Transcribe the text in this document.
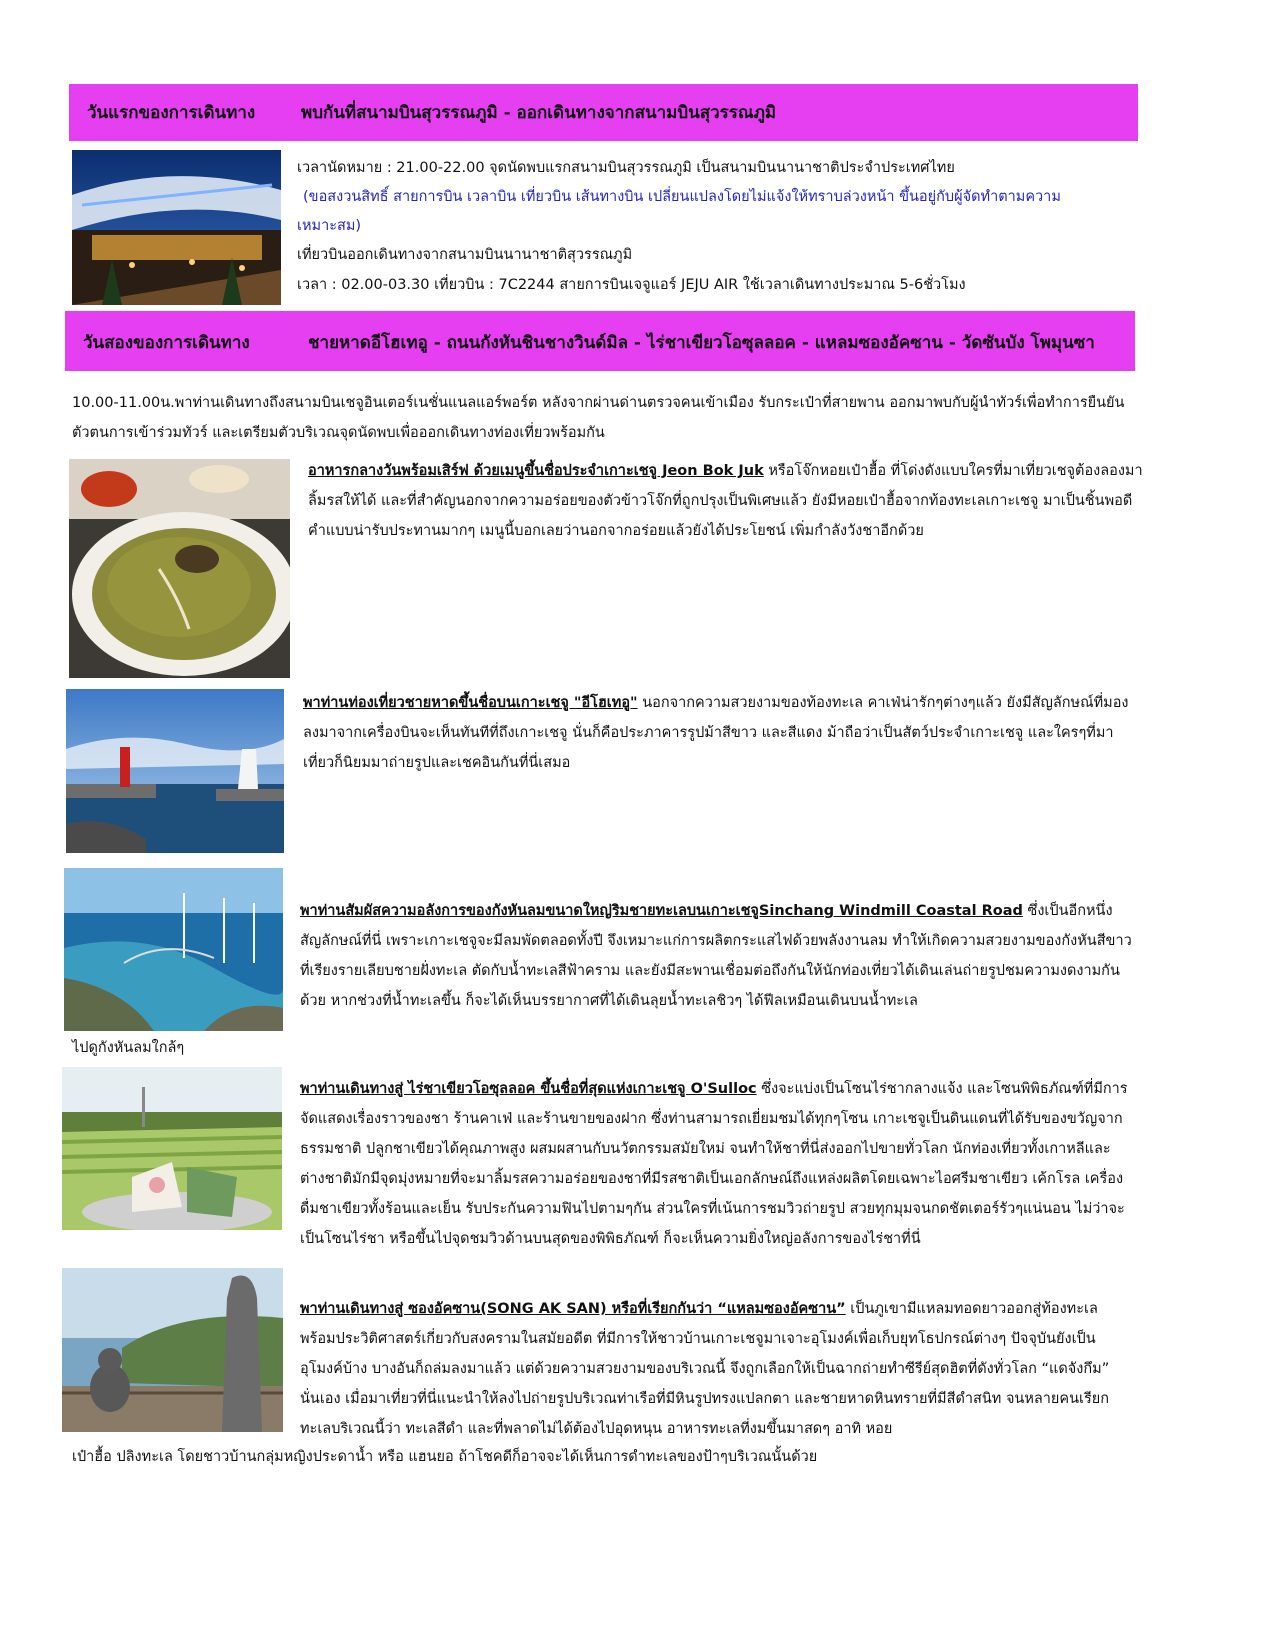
วันแรกของการเดินทาง	พบกันที่สนามบินสุวรรณภูมิ - ออกเดินทางจากสนามบินสุวรรณภูมิ
เวลานัดหมาย : 21.00-22.00 จุดนัดพบแรกสนามบินสุวรรณภูมิ เป็นสนามบินนานาชาติประจำประเทศไทย
(ขอสงวนสิทธิ์ สายการบิน เวลาบิน เที่ยวบิน เส้นทางบิน เปลี่ยนแปลงโดยไม่แจ้งให้ทราบล่วงหน้า ขึ้นอยู่กับผู้จัดทำตามความ
เหมาะสม)
เที่ยวบินออกเดินทางจากสนามบินนานาชาติสุวรรณภูมิ
เวลา : 02.00-03.30 เที่ยวบิน : 7C2244 สายการบินเจจูแอร์ JEJU AIR ใช้เวลาเดินทางประมาณ 5-6ชั่วโมง
วันสองของการเดินทาง	ชายหาดอีโฮเทอู - ถนนกังหันชินชางวินด์มิล - ไร่ชาเขียวโอซุลลอค - แหลมซองอัคซาน - วัดซันบัง โพมุนซา

10.00-11.00น.พาท่านเดินทางถึงสนามบินเชจูอินเตอร์เนชั่นแนลแอร์พอร์ต หลังจากผ่านด่านตรวจคนเข้าเมือง รับกระเป๋าที่สายพาน ออกมาพบกับผู้นำทัวร์เพื่อทำการยืนยันตัวตนการเข้าร่วมทัวร์ และเตรียมตัวบริเวณจุดนัดพบเพื่อออกเดินทางท่องเที่ยวพร้อมกัน

อาหารกลางวันพร้อมเสิร์ฟ ด้วยเมนูขึ้นชื่อประจำเกาะเชจู Jeon Bok Juk หรือโจ๊กหอยเป๋าฮื้อ ที่โด่งดังแบบใครที่มาเที่ยวเชจูต้องลองมาลิ้มรสให้ได้ และที่สำคัญนอกจากความอร่อยของตัวข้าวโจ๊กที่ถูกปรุงเป็นพิเศษแล้ว ยังมีหอยเป๋าฮื้อจากท้องทะเลเกาะเชจู มาเป็นชิ้นพอดีคำแบบน่ารับประทานมากๆ เมนูนี้บอกเลยว่านอกจากอร่อยแล้วยังได้ประโยชน์ เพิ่มกำลังวังชาอีกด้วย

พาท่านท่องเที่ยวชายหาดขึ้นชื่อบนเกาะเชจู "อีโฮเทอู" นอกจากความสวยงามของท้องทะเล คาเฟ่น่ารักๆต่างๆแล้ว ยังมีสัญลักษณ์ที่มองลงมาจากเครื่องบินจะเห็นทันทีที่ถึงเกาะเชจู นั่นก็คือประภาคารรูปม้าสีขาว และสีแดง ม้าถือว่าเป็นสัตว์ประจำเกาะเชจู และใครๆที่มาเที่ยวก็นิยมมาถ่ายรูปและเชคอินกันที่นี่เสมอ

พาท่านสัมผัสความอลังการของกังหันลมขนาดใหญ่ริมชายทะเลบนเกาะเชจูSinchang Windmill Coastal Road ซึ่งเป็นอีกหนึ่งสัญลักษณ์ที่นี่ เพราะเกาะเชจูจะมีลมพัดตลอดทั้งปี จึงเหมาะแก่การผลิตกระแสไฟด้วยพลังงานลม ทำให้เกิดความสวยงามของกังหันสีขาวที่เรียงรายเลียบชายฝั่งทะเล ตัดกับน้ำทะเลสีฟ้าคราม และยังมีสะพานเชื่อมต่อถึงกันให้นักท่องเที่ยวได้เดินเล่นถ่ายรูปชมความงดงามกันด้วย หากช่วงที่น้ำทะเลขึ้น ก็จะได้เห็นบรรยากาศที่ได้เดินลุยน้ำทะเลชิวๆ ได้ฟีลเหมือนเดินบนน้ำทะเล

ไปดูกังหันลมใกล้ๆ

พาท่านเดินทางสู่ ไร่ชาเขียวโอซุลลอค ขึ้นชื่อที่สุดแห่งเกาะเชจู O'Sulloc ซึ่งจะแบ่งเป็นโซนไร่ชากลางแจ้ง และโซนพิพิธภัณฑ์ที่มีการจัดแสดงเรื่องราวของชา ร้านคาเฟ่ และร้านขายของฝาก ซึ่งท่านสามารถเยี่ยมชมได้ทุกๆโซน เกาะเชจูเป็นดินแดนที่ได้รับของขวัญจากธรรมชาติ ปลูกชาเขียวได้คุณภาพสูง ผสมผสานกับนวัตกรรมสมัยใหม่ จนทำให้ชาที่นี่ส่งออกไปขายทั่วโลก นักท่องเที่ยวทั้งเกาหลีและต่างชาติมักมีจุดมุ่งหมายที่จะมาลิ้มรสความอร่อยของชาที่มีรสชาติเป็นเอกลักษณ์ถึงแหล่งผลิตโดยเฉพาะไอศรีมชาเขียว เค้กโรล เครื่องดื่มชาเขียวทั้งร้อนและเย็น รับประกันความฟินไปตามๆกัน ส่วนใครที่เน้นการชมวิวถ่ายรูป สวยทุกมุมจนกดชัตเตอร์รัวๆแน่นอน ไม่ว่าจะเป็นโซนไร่ชา หรือขึ้นไปจุดชมวิวด้านบนสุดของพิพิธภัณฑ์ ก็จะเห็นความยิ่งใหญ่อลังการของไร่ชาที่นี่

พาท่านเดินทางสู่ ซองอัคซาน(SONG AK SAN) หรือที่เรียกกันว่า “แหลมซองอัคซาน” เป็นภูเขามีแหลมทอดยาวออกสู่ท้องทะเล พร้อมประวิติศาสตร์เกี่ยวกับสงครามในสมัยอดีต ที่มีการให้ชาวบ้านเกาะเชจูมาเจาะอุโมงค์เพื่อเก็บยุทโธปกรณ์ต่างๆ ปัจจุบันยังเป็นอุโมงค์บ้าง บางอันก็ถล่มลงมาแล้ว แต่ด้วยความสวยงามของบริเวณนี้ จึงถูกเลือกให้เป็นฉากถ่ายทำซีรีย์สุดฮิตที่ดังทั่วโลก “แดจังกึม” นั่นเอง เมื่อมาเที่ยวที่นี่แนะนำให้ลงไปถ่ายรูปบริเวณท่าเรือที่มีหินรูปทรงแปลกตา และชายหาดหินทรายที่มีสีดำสนิท จนหลายคนเรียกทะเลบริเวณนี้ว่า ทะเลสีดำ และที่พลาดไม่ได้ต้องไปอุดหนุน อาหารทะเลที่งมขึ้นมาสดๆ อาทิ หอย

เป๋าฮื้อ ปลิงทะเล โดยชาวบ้านกลุ่มหญิงประดาน้ำ หรือ แฮนยอ ถ้าโชคดีก็อาจจะได้เห็นการดำทะเลของป้าๆบริเวณนั้นด้วย
